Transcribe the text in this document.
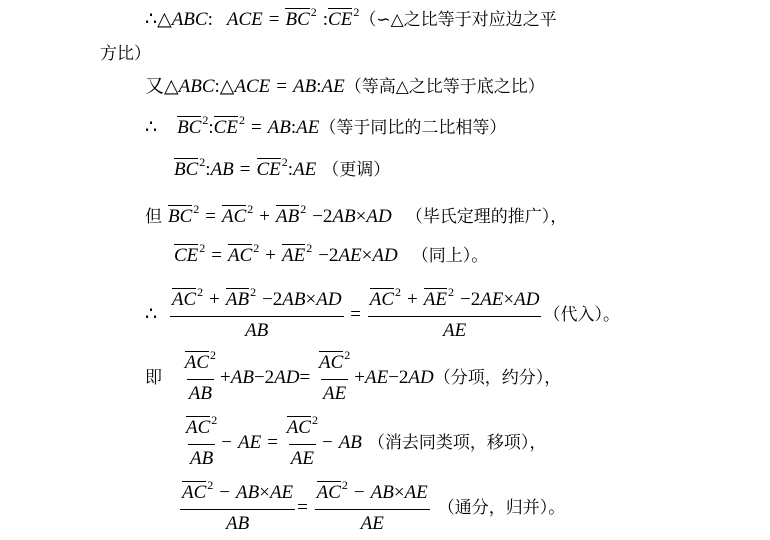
∴△ABC: ACE = $BC^2$ $:CE^2(∽\triangle$之比等于对应边之平
方比）
又△ABC:△ACE = AB:AE（等高△之比等于底之比）
∴ $BC^2:CE^2$ = AB:AE（等于同比的二比相等）
$BC^2:AB$ = $CE^2:AE$ （更调）
但 $BC^2 = AC^2 + AB^2 -2AB\times AD$ （毕氏定理的推广），
$CE^2 = AC^2 + AE^2 -2AE\times AD$ （同上）。
∴ $\frac{AC^2 + AB^2 -2AB\times AD}{AB} = \frac{AC^2 + AE^2 -2AE\times AD}{AE}$ （代入）。
即 $\frac{AC^2}{AB} +AB-2AD= \frac{AC^2}{AE} +AE-2AD$（分项，约分），
$\frac{AC^2}{AB}$ − AE = $\frac{AC^2}{AE}$ − AB （消去同类项，移项），
$\frac{AC^2 - AB\times AE}{AB} = \frac{AC^2 - AB\times AE}{AE}$ （通分，归并）。
